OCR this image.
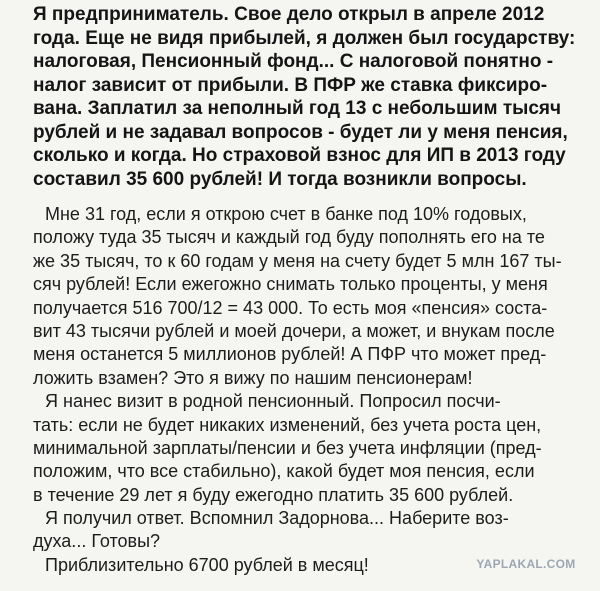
Я предприниматель. Свое дело открыл в апреле 2012
года. Еще не видя прибылей, я должен был государству:
налоговая, Пенсионный фонд... С налоговой понятно -
налог зависит от прибыли. В ПФР же ставка фиксиро-
вана. Заплатил за неполный год 13 с небольшим тысяч
рублей и не задавал вопросов - будет ли у меня пенсия,
сколько и когда. Но страховой взнос для ИП в 2013 году
составил 35 600 рублей! И тогда возникли вопросы.
Мне 31 год, если я открою счет в банке под 10% годовых,
положу туда 35 тысяч и каждый год буду пополнять его на те
же 35 тысяч, то к 60 годам у меня на счету будет 5 млн 167 ты-
сяч рублей! Если ежегожно снимать только проценты, у меня
получается 516 700/12 = 43 000. То есть моя «пенсия» соста-
вит 43 тысячи рублей и моей дочери, а может, и внукам после
меня останется 5 миллионов рублей! А ПФР что может пред-
ложить взамен? Это я вижу по нашим пенсионерам!
Я нанес визит в родной пенсионный. Попросил посчи-
тать: если не будет никаких изменений, без учета роста цен,
минимальной зарплаты/пенсии и без учета инфляции (пред-
положим, что все стабильно), какой будет моя пенсия, если
в течение 29 лет я буду ежегодно платить 35 600 рублей.
Я получил ответ. Вспомнил Задорнова... Наберите воз-
духа... Готовы?
Приблизительно 6700 рублей в месяц!	YAPLAKAL.COM
